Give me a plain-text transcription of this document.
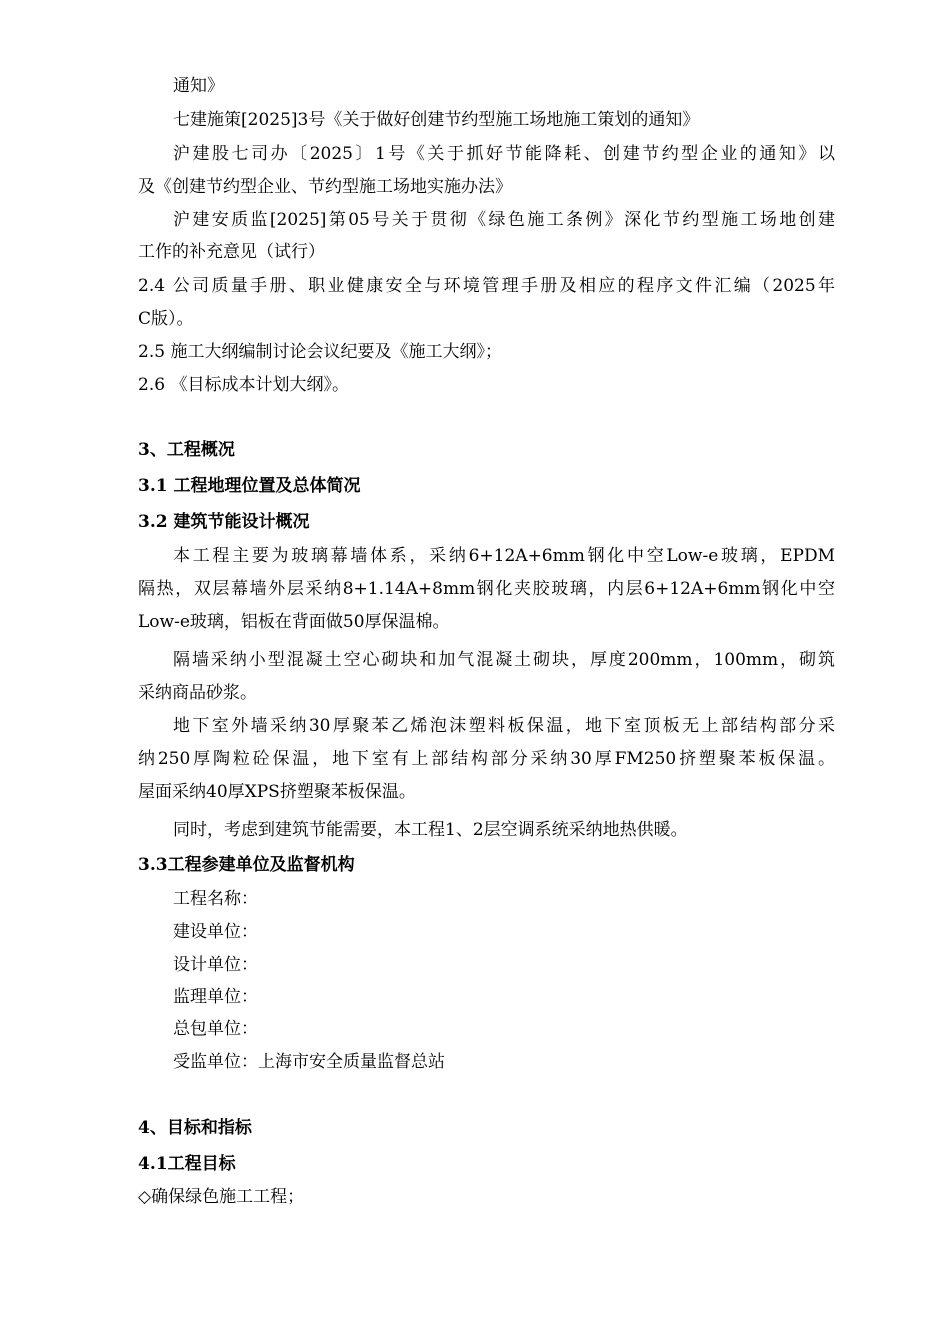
通知》
七建施策[2025]3号《关于做好创建节约型施工场地施工策划的通知》
沪建股七司办〔2025〕1号《关于抓好节能降耗、创建节约型企业的通知》以
及《创建节约型企业、节约型施工场地实施办法》
沪建安质监[2025]第05号关于贯彻《绿色施工条例》深化节约型施工场地创建
工作的补充意见（试行）
2.4 公司质量手册、职业健康安全与环境管理手册及相应的程序文件汇编（2025年
C版）。
2.5 施工大纲编制讨论会议纪要及《施工大纲》；
2.6 《目标成本计划大纲》。
3、工程概况
3.1 工程地理位置及总体简况
3.2 建筑节能设计概况
本工程主要为玻璃幕墙体系，采纳6+12A+6mm钢化中空Low-e玻璃，EPDM
隔热，双层幕墙外层采纳8+1.14A+8mm钢化夹胶玻璃，内层6+12A+6mm钢化中空
Low-e玻璃，铝板在背面做50厚保温棉。
隔墙采纳小型混凝土空心砌块和加气混凝土砌块，厚度200mm，100mm，砌筑
采纳商品砂浆。
地下室外墙采纳30厚聚苯乙烯泡沫塑料板保温，地下室顶板无上部结构部分采
纳250厚陶粒砼保温，地下室有上部结构部分采纳30厚FM250挤塑聚苯板保温。
屋面采纳40厚XPS挤塑聚苯板保温。
同时，考虑到建筑节能需要，本工程1、2层空调系统采纳地热供暖。
3.3工程参建单位及监督机构
工程名称：
建设单位：
设计单位：
监理单位：
总包单位：
受监单位：上海市安全质量监督总站
4、目标和指标
4.1工程目标
◇确保绿色施工工程；
